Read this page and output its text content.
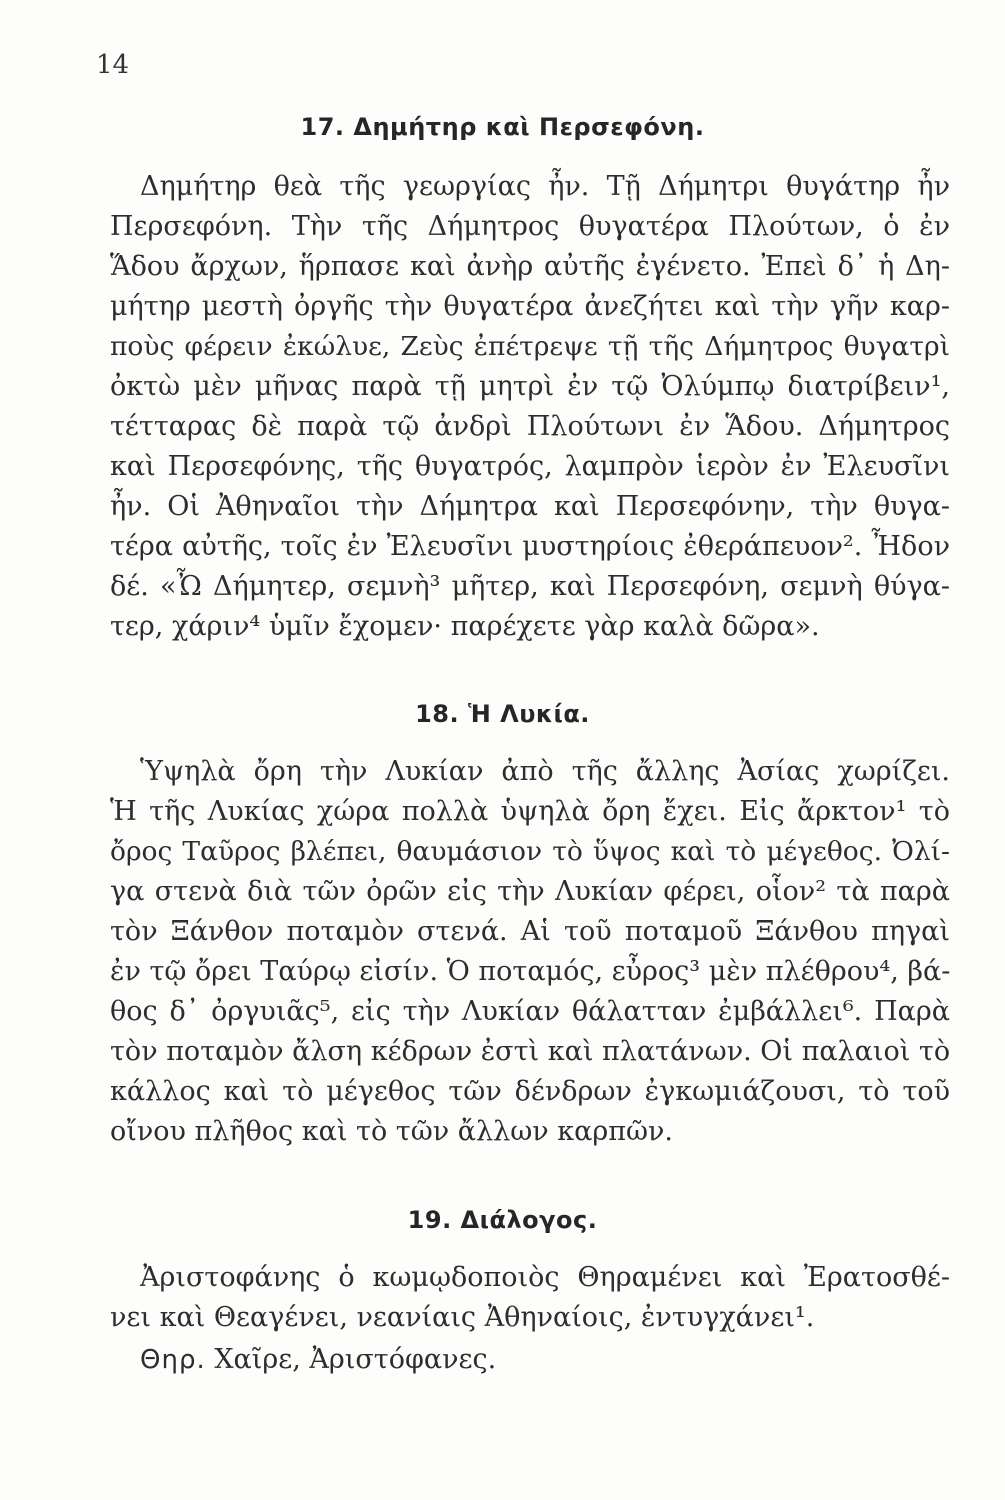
14
17. Δημήτηρ καὶ Περσεφόνη.
Δημήτηρ θεὰ τῆς γεωργίας ἦν. Τῇ Δήμητρι θυγάτηρ ἦν
Περσεφόνη. Τὴν τῆς Δήμητρος θυγατέρα Πλούτων, ὁ ἐν
Ἅδου ἄρχων, ἥρπασε καὶ ἀνὴρ αὐτῆς ἐγένετο. Ἐπεὶ δ᾽ ἡ Δη-
μήτηρ μεστὴ ὀργῆς τὴν θυγατέρα ἀνεζήτει καὶ τὴν γῆν καρ-
ποὺς φέρειν ἐκώλυε, Ζεὺς ἐπέτρεψε τῇ τῆς Δήμητρος θυγατρὶ
ὀκτὼ μὲν μῆνας παρὰ τῇ μητρὶ ἐν τῷ Ὀλύμπῳ διατρίβειν¹,
τέτταρας δὲ παρὰ τῷ ἀνδρὶ Πλούτωνι ἐν Ἅδου. Δήμητρος
καὶ Περσεφόνης, τῆς θυγατρός, λαμπρὸν ἱερὸν ἐν Ἐλευσῖνι
ἦν. Οἱ Ἀθηναῖοι τὴν Δήμητρα καὶ Περσεφόνην, τὴν θυγα-
τέρα αὐτῆς, τοῖς ἐν Ἐλευσῖνι μυστηρίοις ἐθεράπευον². Ἦδον
δέ. «Ὦ Δήμητερ, σεμνὴ³ μῆτερ, καὶ Περσεφόνη, σεμνὴ θύγα-
τερ, χάριν⁴ ὑμῖν ἔχομεν· παρέχετε γὰρ καλὰ δῶρα».
18. Ἡ Λυκία.
Ὑψηλὰ ὄρη τὴν Λυκίαν ἀπὸ τῆς ἄλλης Ἀσίας χωρίζει.
Ἡ τῆς Λυκίας χώρα πολλὰ ὑψηλὰ ὄρη ἔχει. Εἰς ἄρκτον¹ τὸ
ὄρος Ταῦρος βλέπει, θαυμάσιον τὸ ὕψος καὶ τὸ μέγεθος. Ὀλί-
γα στενὰ διὰ τῶν ὀρῶν εἰς τὴν Λυκίαν φέρει, οἷον² τὰ παρὰ
τὸν Ξάνθον ποταμὸν στενά. Αἱ τοῦ ποταμοῦ Ξάνθου πηγαὶ
ἐν τῷ ὄρει Ταύρῳ εἰσίν. Ὁ ποταμός, εὖρος³ μὲν πλέθρου⁴, βά-
θος δ᾽ ὀργυιᾶς⁵, εἰς τὴν Λυκίαν θάλατταν ἐμβάλλει⁶. Παρὰ
τὸν ποταμὸν ἄλση κέδρων ἐστὶ καὶ πλατάνων. Οἱ παλαιοὶ τὸ
κάλλος καὶ τὸ μέγεθος τῶν δένδρων ἐγκωμιάζουσι, τὸ τοῦ
οἴνου πλῆθος καὶ τὸ τῶν ἄλλων καρπῶν.
19. Διάλογος.
Ἀριστοφάνης ὁ κωμῳδοποιὸς Θηραμένει καὶ Ἐρατοσθέ-
νει καὶ Θεαγένει, νεανίαις Ἀθηναίοις, ἐντυγχάνει¹.
Θηρ. Χαῖρε, Ἀριστόφανες.
